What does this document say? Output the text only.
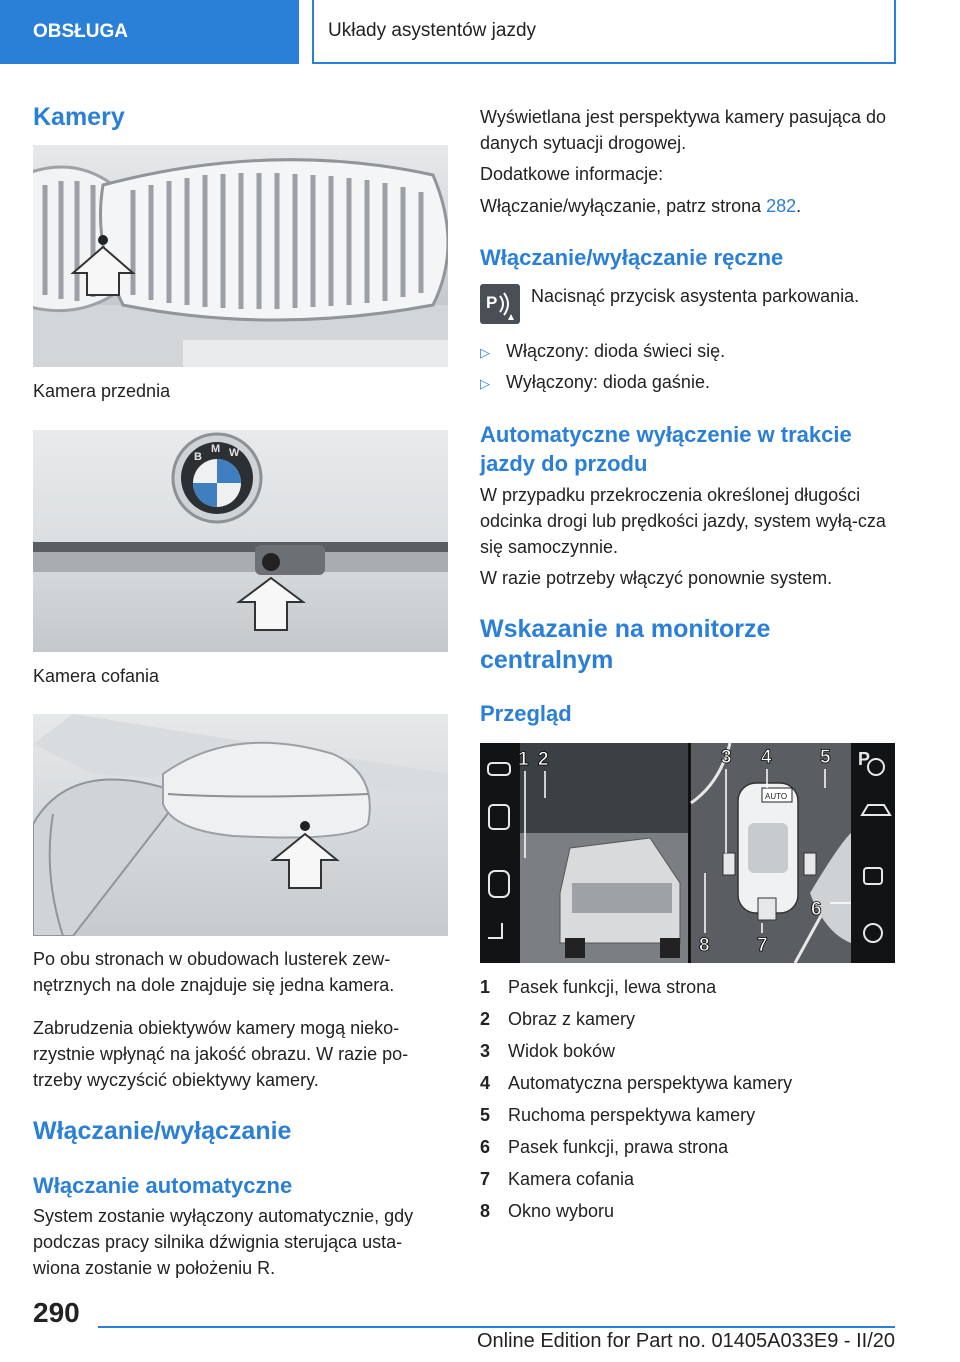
OBSŁUGA	Układy asystentów jazdy
Kamery

Kamera przednia

B
M W

Kamera cofania

Po obu stronach w obudowach lusterek zew-nętrznych na dole znajduje się jedna kamera.

Zabrudzenia obiektywów kamery mogą nieko-rzystnie wpłynąć na jakość obrazu. W razie po-trzeby wyczyścić obiektywy kamery.

Włączanie/wyłączanie
Włączanie automatyczne

System zostanie wyłączony automatycznie, gdy podczas pracy silnika dźwignia sterująca usta-wiona zostanie w położeniu R.

Wyświetlana jest perspektywa kamery pasująca do danych sytuacji drogowej.

Dodatkowe informacje:

Włączanie/wyłączanie, patrz strona 282.

Włączanie/wyłączanie ręczne
P Nacisnąć przycisk asystenta parkowania.

▷ Włączony: dioda świeci się.
▷ Wyłączony: dioda gaśnie.
Automatyczne wyłączenie w trakcie jazdy do przodu

W przypadku przekroczenia określonej długości odcinka drogi lub prędkości jazdy, system wyłą-cza się samoczynnie.

W razie potrzeby włączyć ponownie system.

Wskazanie na monitorze centralnym
Przegląd
AUTO
P
1 2	3 4	5
6
7
8
1 Pasek funkcji, lewa strona
2 Obraz z kamery
3 Widok boków
4 Automatyczna perspektywa kamery
5 Ruchoma perspektywa kamery
6 Pasek funkcji, prawa strona
7 Kamera cofania
8 Okno wyboru
290
Online Edition for Part no. 01405A033E9 - II/20
